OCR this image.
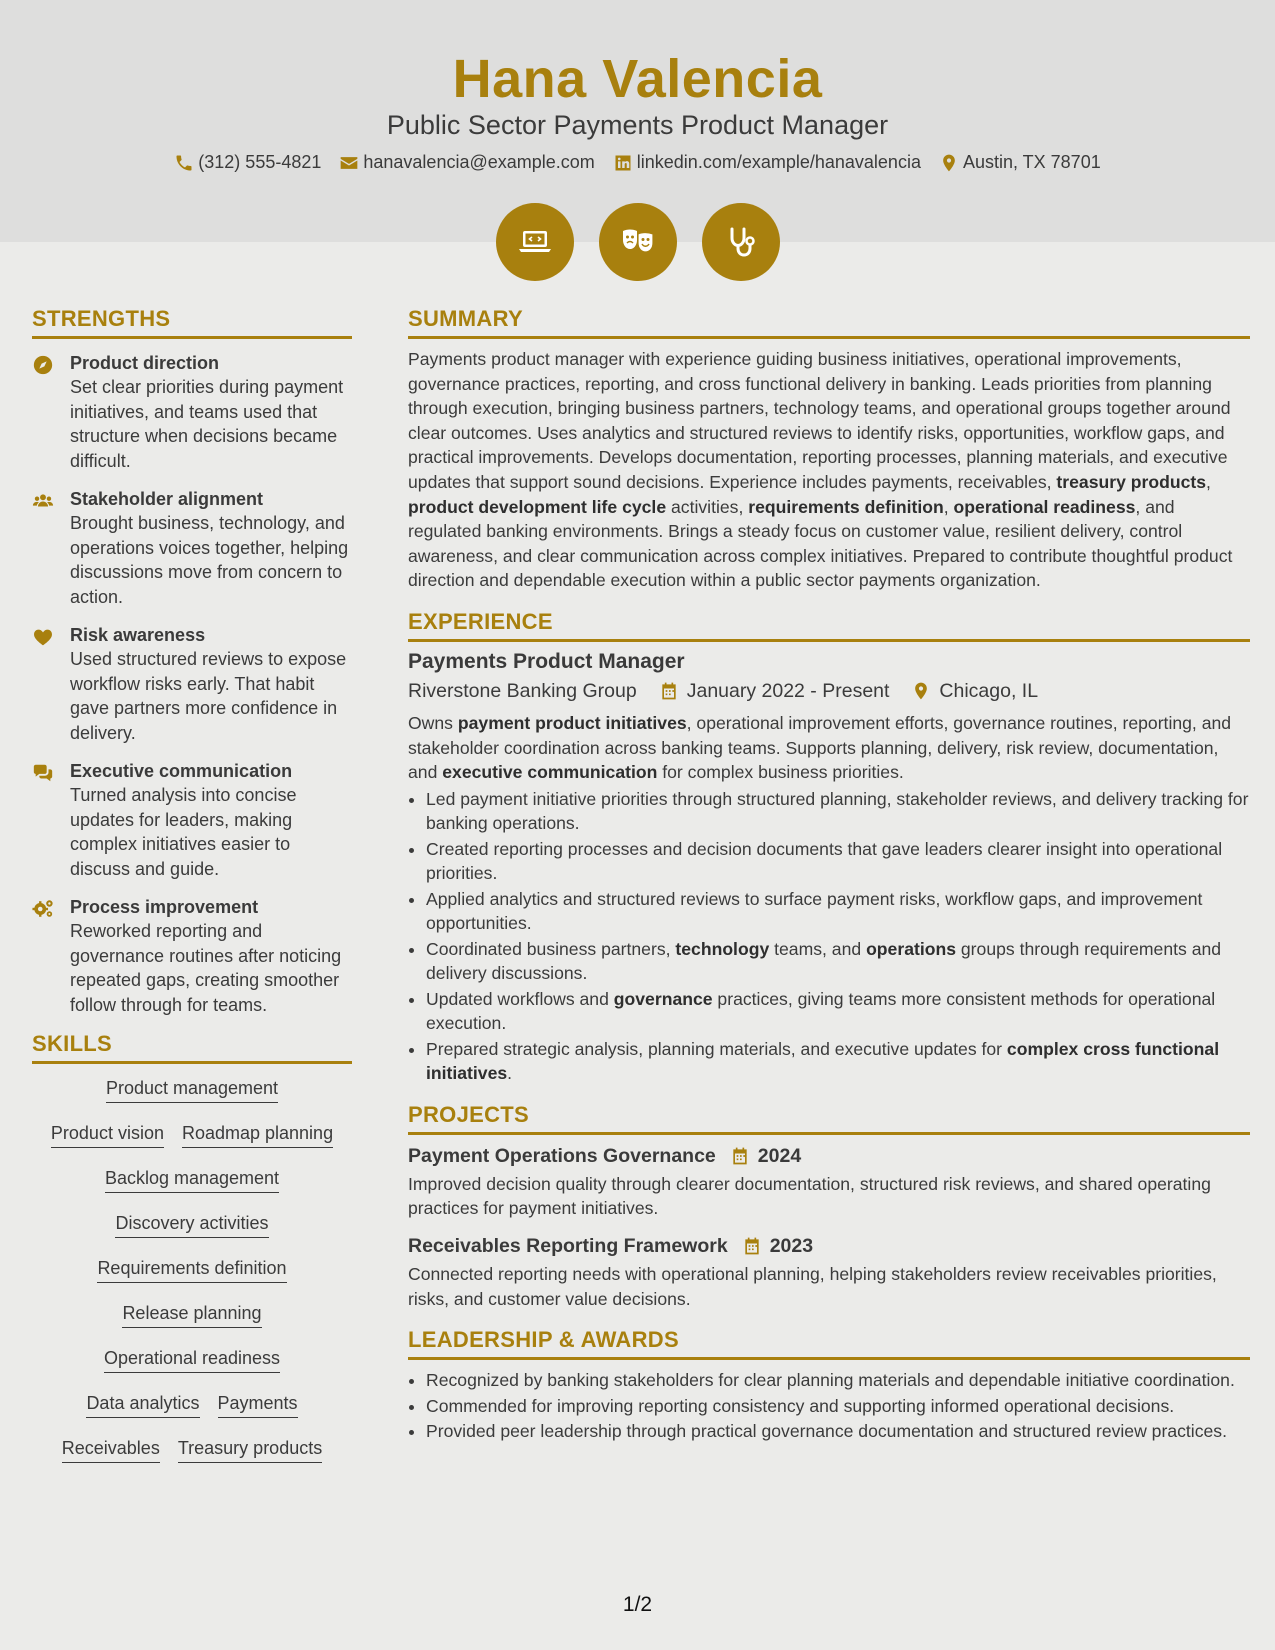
Hana Valencia
Public Sector Payments Product Manager
(312) 555-4821 hanavalencia@example.com linkedin.com/example/hanavalencia Austin, TX 78701
STRENGTHS
Product direction
Set clear priorities during payment initiatives, and teams used that structure when decisions became difficult.
Stakeholder alignment
Brought business, technology, and operations voices together, helping discussions move from concern to action.
Risk awareness
Used structured reviews to expose workflow risks early. That habit gave partners more confidence in delivery.
Executive communication
Turned analysis into concise updates for leaders, making complex initiatives easier to discuss and guide.
Process improvement
Reworked reporting and governance routines after noticing repeated gaps, creating smoother follow through for teams.
SKILLS
Product management
Product vision Roadmap planning
Backlog management
Discovery activities
Requirements definition
Release planning
Operational readiness
Data analytics Payments
Receivables Treasury products
SUMMARY
Payments product manager with experience guiding business initiatives, operational improvements, governance practices, reporting, and cross functional delivery in banking. Leads priorities from planning through execution, bringing business partners, technology teams, and operational groups together around clear outcomes. Uses analytics and structured reviews to identify risks, opportunities, workflow gaps, and practical improvements. Develops documentation, reporting processes, planning materials, and executive updates that support sound decisions. Experience includes payments, receivables, treasury products, product development life cycle activities, requirements definition, operational readiness, and regulated banking environments. Brings a steady focus on customer value, resilient delivery, control awareness, and clear communication across complex initiatives. Prepared to contribute thoughtful product direction and dependable execution within a public sector payments organization.
EXPERIENCE
Payments Product Manager
Riverstone Banking Group	January 2022 - Present	Chicago, IL
Owns payment product initiatives, operational improvement efforts, governance routines, reporting, and stakeholder coordination across banking teams. Supports planning, delivery, risk review, documentation, and executive communication for complex business priorities.
• Led payment initiative priorities through structured planning, stakeholder reviews, and delivery tracking for banking operations.
• Created reporting processes and decision documents that gave leaders clearer insight into operational priorities.
• Applied analytics and structured reviews to surface payment risks, workflow gaps, and improvement opportunities.
• Coordinated business partners, technology teams, and operations groups through requirements and delivery discussions.
• Updated workflows and governance practices, giving teams more consistent methods for operational execution.
• Prepared strategic analysis, planning materials, and executive updates for complex cross functional initiatives.
PROJECTS
Payment Operations Governance 2024
Improved decision quality through clearer documentation, structured risk reviews, and shared operating practices for payment initiatives.
Receivables Reporting Framework 2023
Connected reporting needs with operational planning, helping stakeholders review receivables priorities, risks, and customer value decisions.
LEADERSHIP & AWARDS
• Recognized by banking stakeholders for clear planning materials and dependable initiative coordination.
• Commended for improving reporting consistency and supporting informed operational decisions.
• Provided peer leadership through practical governance documentation and structured review practices.
1/2
